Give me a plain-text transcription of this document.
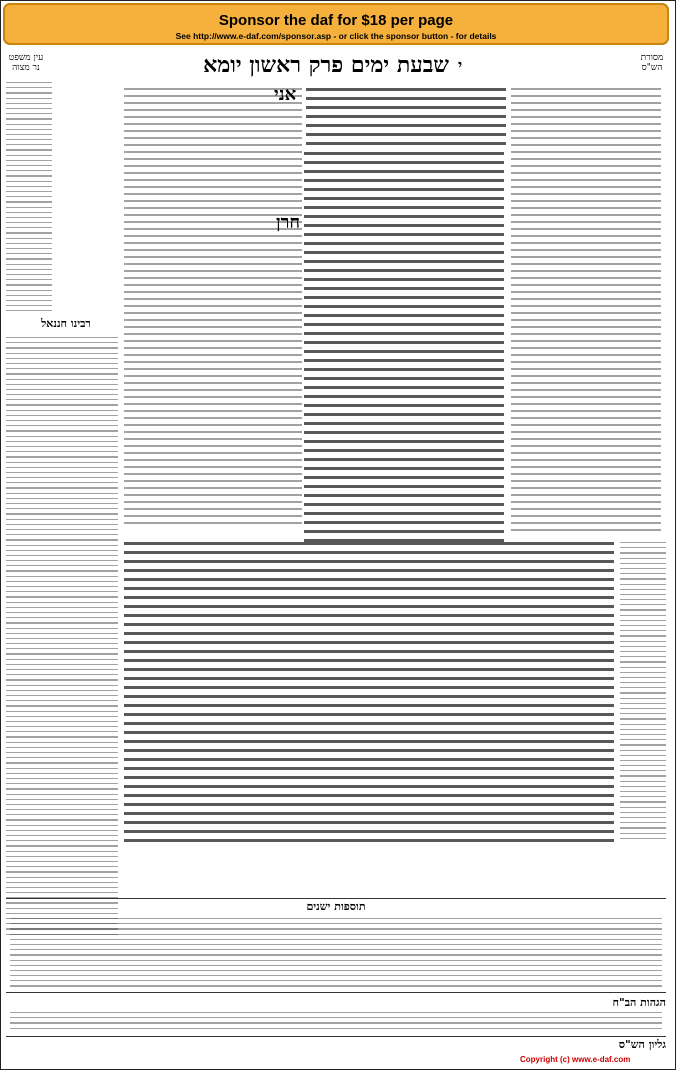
Sponsor the daf for $18 per page
See http://www.e-daf.com/sponsor.asp - or click the sponsor button - for details
שבעת ימים פרק ראשון יומא י	מסורת הש"ס
עין משפט נר מצוה
רבינו חננאל
אני
חרן
תוספות ישנים
הגהות הב"ח
גליון הש"ס
Copyright (c) www.e-daf.com
